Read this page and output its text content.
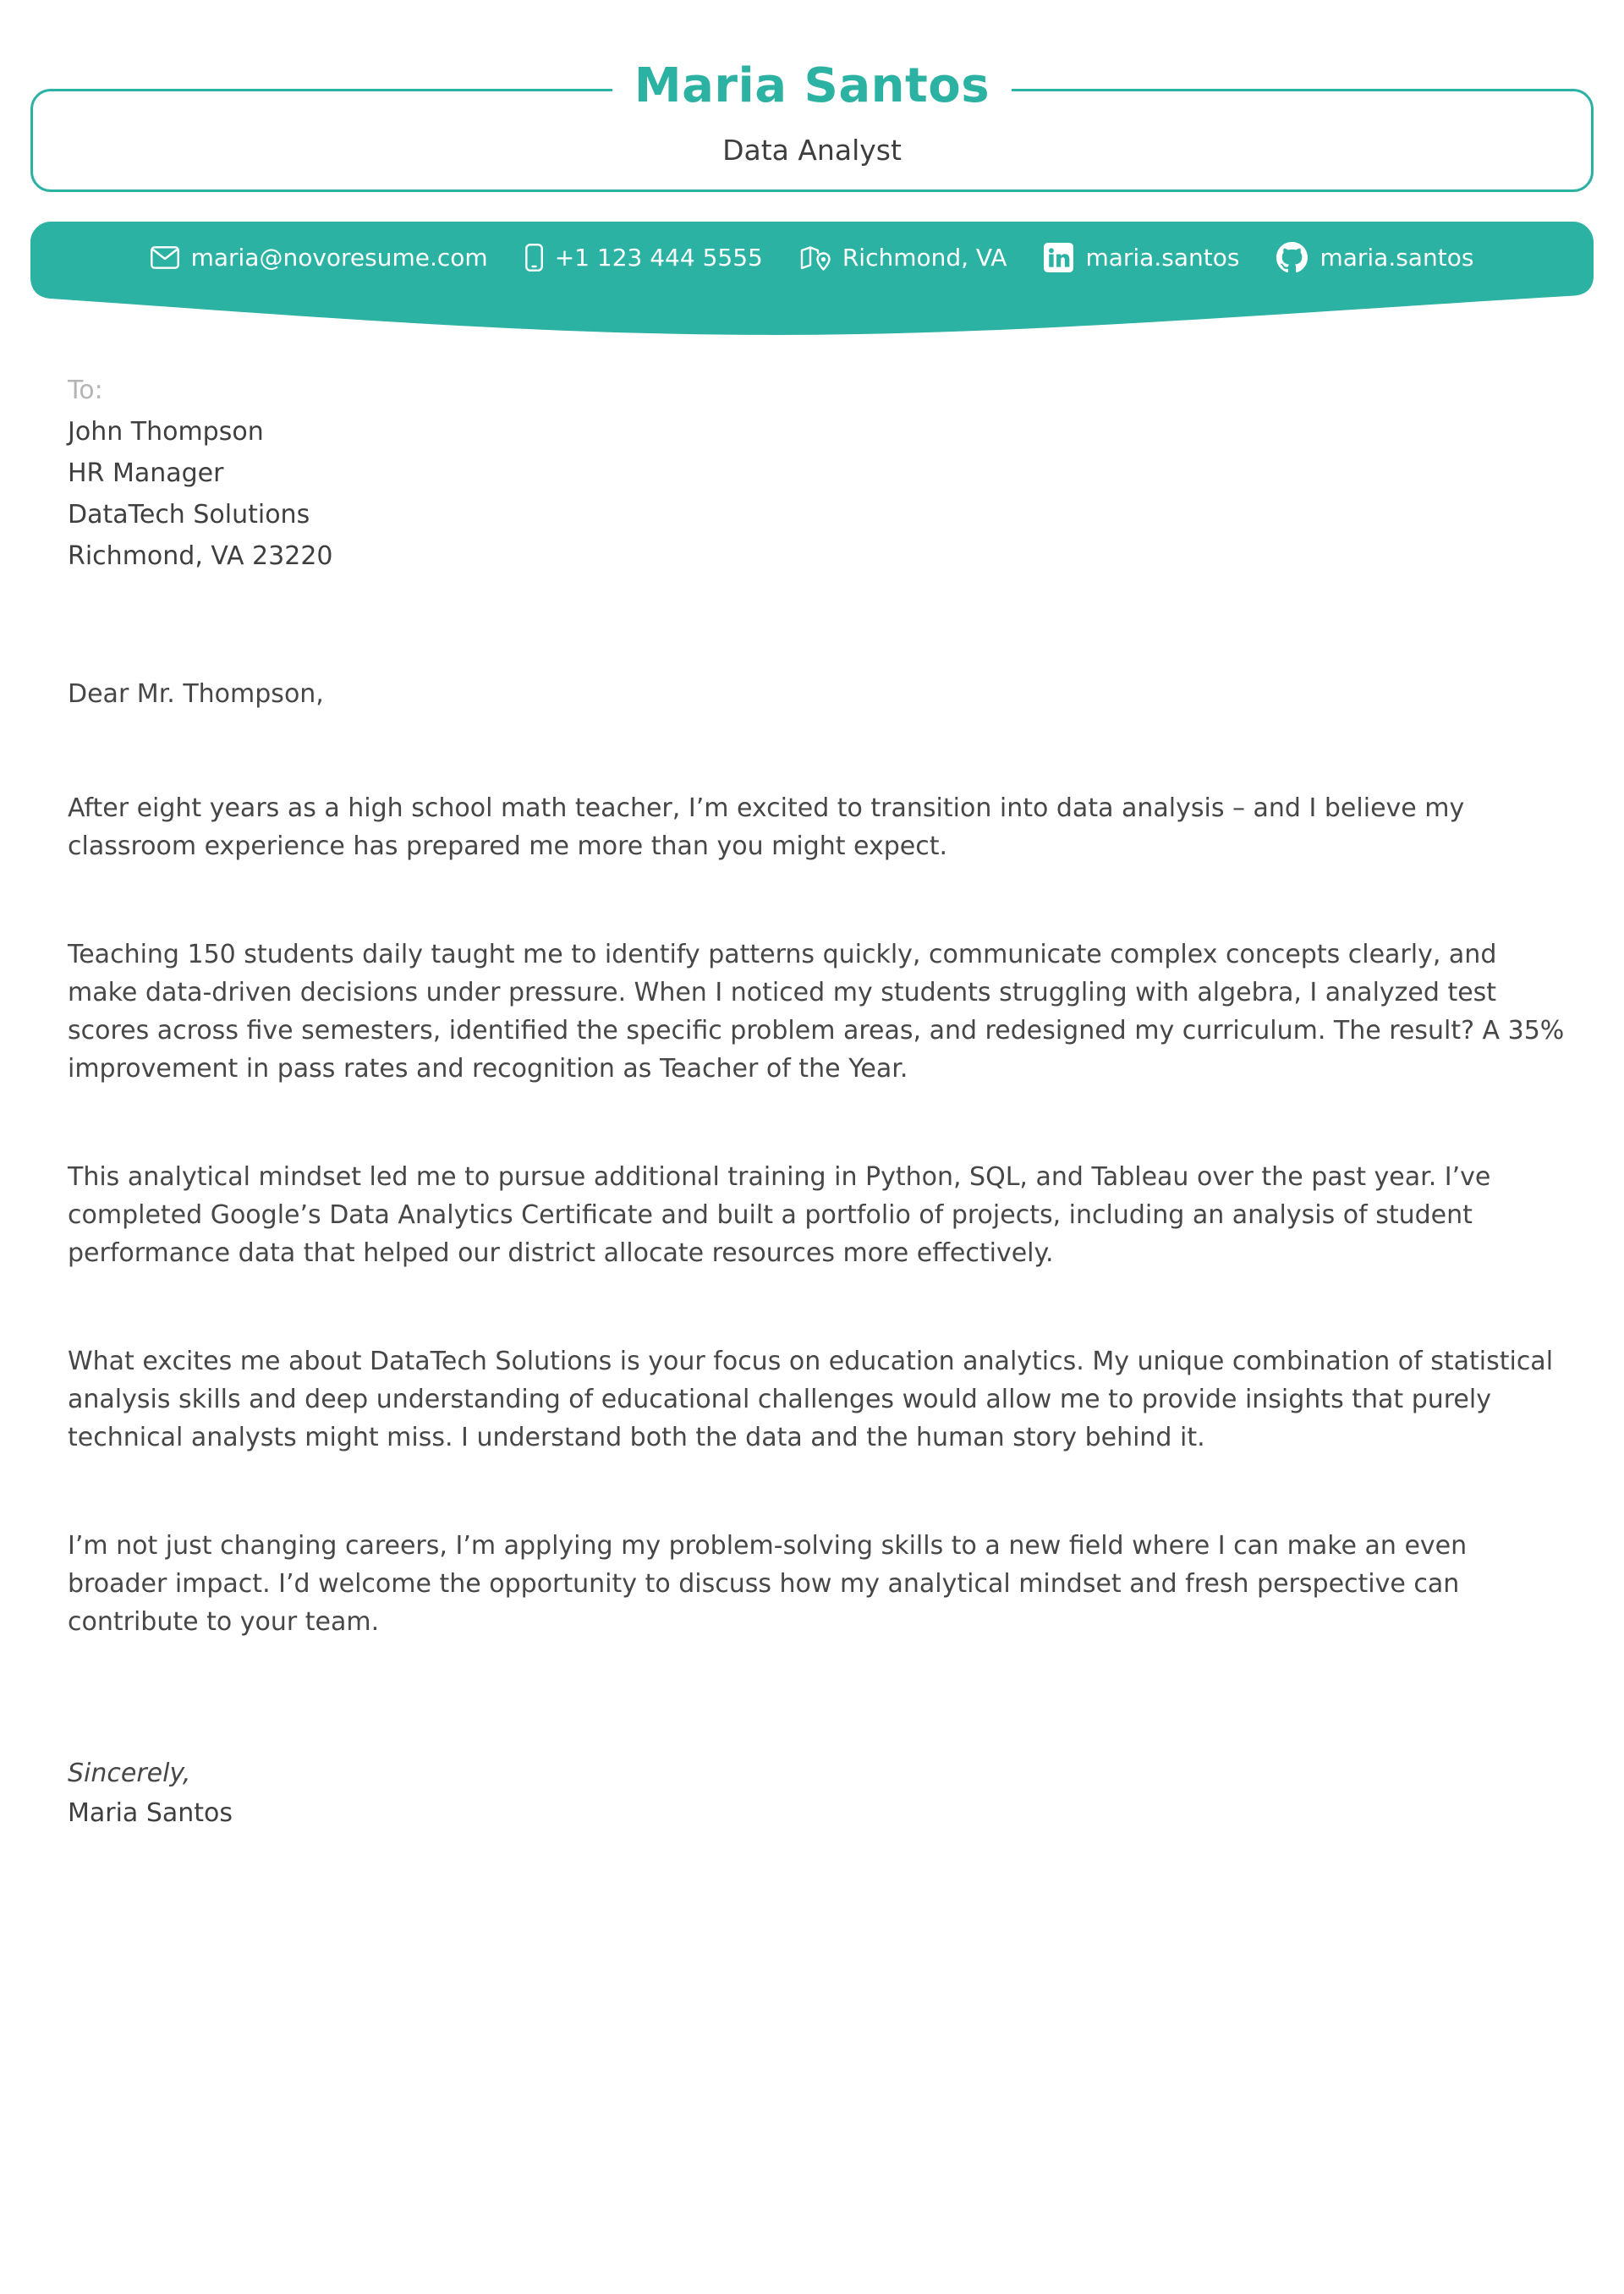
Data Analyst
Maria Santos
maria@novoresume.com	+1 123 444 5555	Richmond, VA	maria.santos	maria.santos
To:
John Thompson
HR Manager
DataTech Solutions
Richmond, VA 23220

Dear Mr. Thompson,

After eight years as a high school math teacher, I’m excited to transition into data analysis – and I believe my classroom experience has prepared me more than you might expect.

Teaching 150 students daily taught me to identify patterns quickly, communicate complex concepts clearly, and make data-driven decisions under pressure. When I noticed my students struggling with algebra, I analyzed test scores across five semesters, identified the specific problem areas, and redesigned my curriculum. The result? A 35% improvement in pass rates and recognition as Teacher of the Year.

This analytical mindset led me to pursue additional training in Python, SQL, and Tableau over the past year. I’ve completed Google’s Data Analytics Certificate and built a portfolio of projects, including an analysis of student performance data that helped our district allocate resources more effectively.

What excites me about DataTech Solutions is your focus on education analytics. My unique combination of statistical analysis skills and deep understanding of educational challenges would allow me to provide insights that purely technical analysts might miss. I understand both the data and the human story behind it.

I’m not just changing careers, I’m applying my problem-solving skills to a new field where I can make an even broader impact. I’d welcome the opportunity to discuss how my analytical mindset and fresh perspective can contribute to your team.

Sincerely,
Maria Santos
